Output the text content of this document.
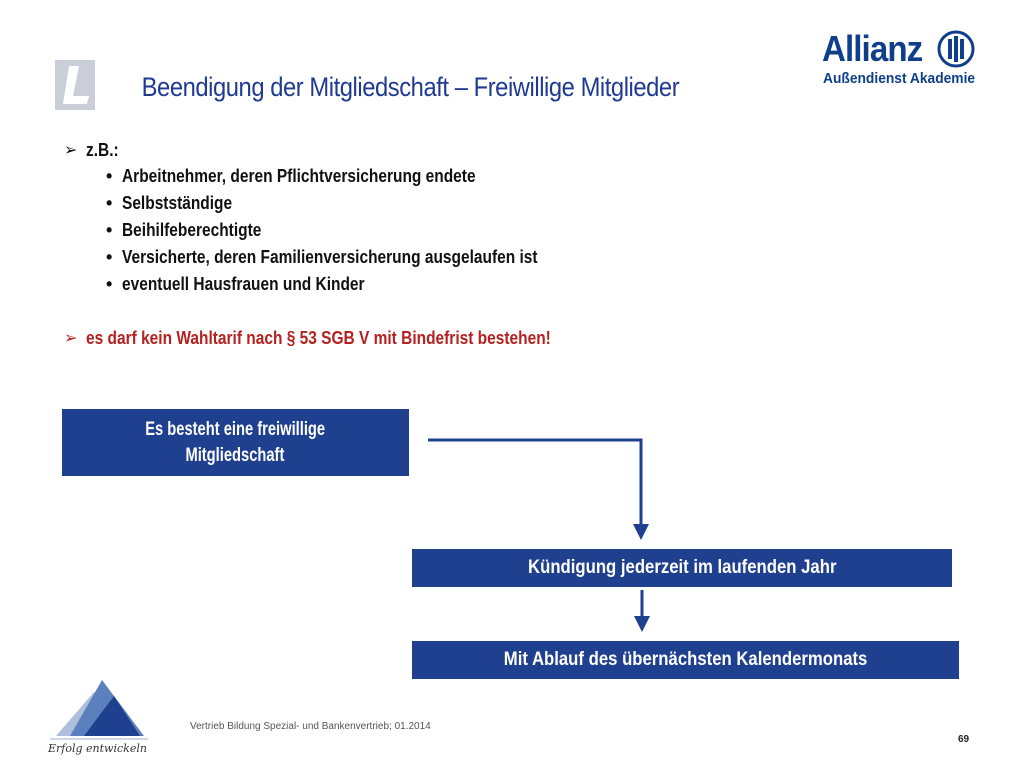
Beendigung der Mitgliedschaft – Freiwillige Mitglieder
Allianz
Außendienst Akademie
➢ z.B.:
• Arbeitnehmer, deren Pflichtversicherung endete
• Selbstständige
• Beihilfeberechtigte
• Versicherte, deren Familienversicherung ausgelaufen ist
• eventuell Hausfrauen und Kinder
➢ es darf kein Wahltarif nach § 53 SGB V mit Bindefrist bestehen!
Es besteht eine freiwillige
Mitgliedschaft
Kündigung jederzeit im laufenden Jahr
Mit Ablauf des übernächsten Kalendermonats
Erfolg entwickeln
Vertrieb Bildung Spezial- und Bankenvertrieb; 01.2014
69
